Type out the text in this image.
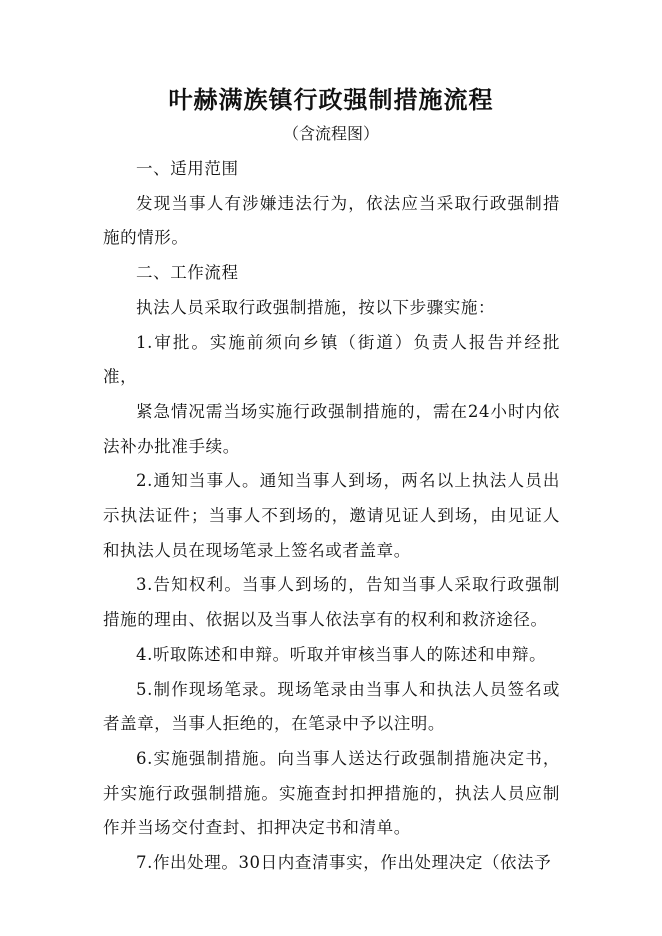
叶赫满族镇行政强制措施流程
（含流程图）

一、适用范围

发现当事人有涉嫌违法行为，依法应当采取行政强制措施的情形。

二、工作流程

执法人员采取行政强制措施，按以下步骤实施：

1.审批。实施前须向乡镇（街道）负责人报告并经批准，

紧急情况需当场实施行政强制措施的，需在24小时内依法补办批准手续。

2.通知当事人。通知当事人到场，两名以上执法人员出示执法证件；当事人不到场的，邀请见证人到场，由见证人和执法人员在现场笔录上签名或者盖章。

3.告知权利。当事人到场的，告知当事人采取行政强制措施的理由、依据以及当事人依法享有的权利和救济途径。

4.听取陈述和申辩。听取并审核当事人的陈述和申辩。

5.制作现场笔录。现场笔录由当事人和执法人员签名或者盖章，当事人拒绝的，在笔录中予以注明。

6.实施强制措施。向当事人送达行政强制措施决定书，并实施行政强制措施。实施查封扣押措施的，执法人员应制作并当场交付查封、扣押决定书和清单。

7.作出处理。30日内查清事实，作出处理决定（依法予
